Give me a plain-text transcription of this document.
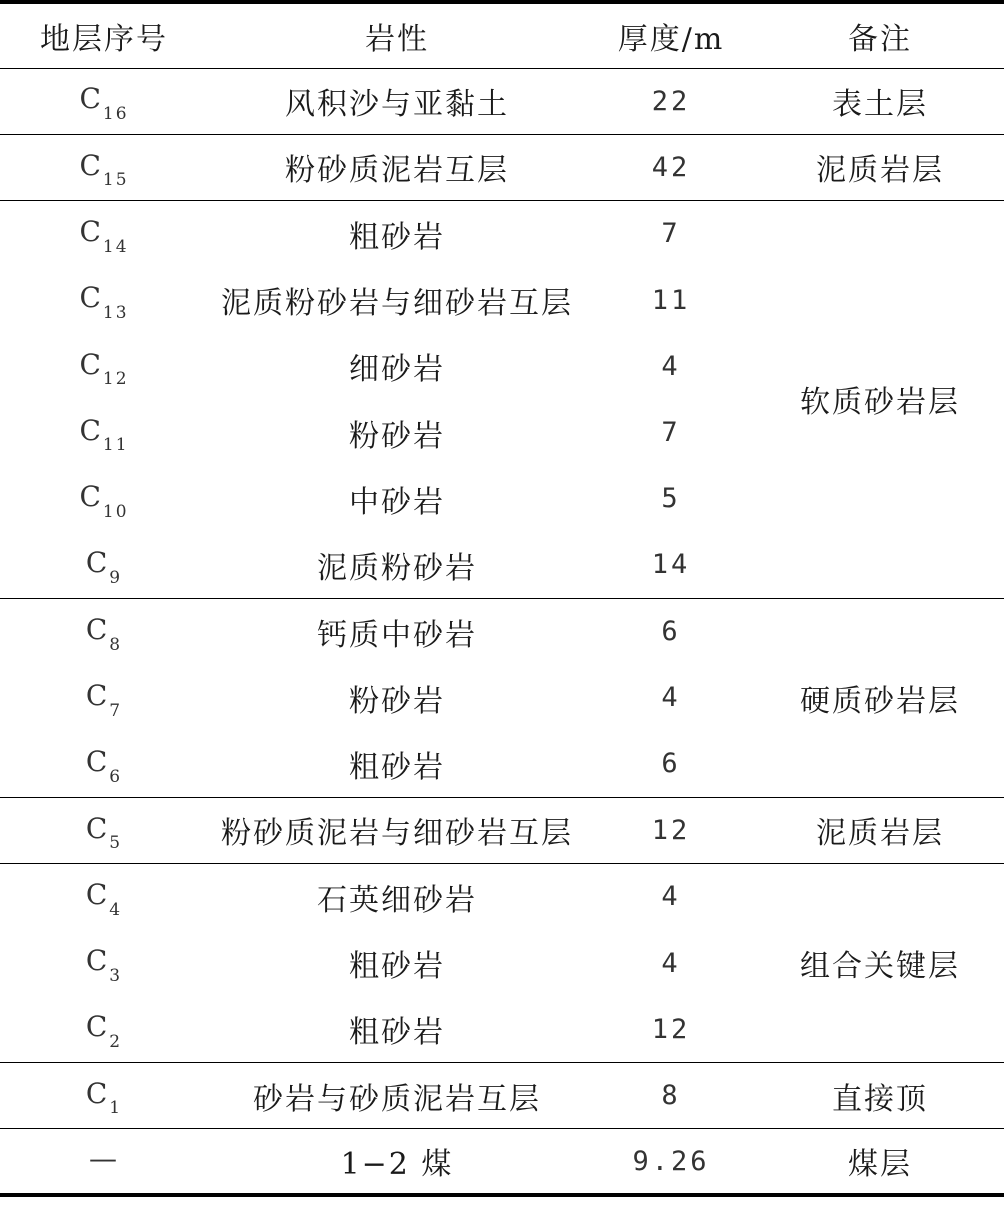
地层序号	岩性	厚度/m	备注
$C_{16}$	风积沙与亚黏土	22	表土层
$C_{15}$	粉砂质泥岩互层	42	泥质岩层
$C_{14}$	粗砂岩	7	软质砂岩层
$C_{13}$	泥质粉砂岩与细砂岩互层	11	
$C_{12}$	细砂岩	4	
$C_{11}$	粉砂岩	7	
$C_{10}$	中砂岩	5	
$C_9$	泥质粉砂岩	14	
$C_8$	钙质中砂岩	6	硬质砂岩层
$C_7$	粉砂岩	4	
$C_6$	粗砂岩	6	
$C_5$	粉砂质泥岩与细砂岩互层	12	泥质岩层
$C_4$	石英细砂岩	4	组合关键层
$C_3$	粗砂岩	4	
$C_2$	粗砂岩	12	
$C_1$	砂岩与砂质泥岩互层	8	直接顶
—	1−2 煤	9.26	煤层
